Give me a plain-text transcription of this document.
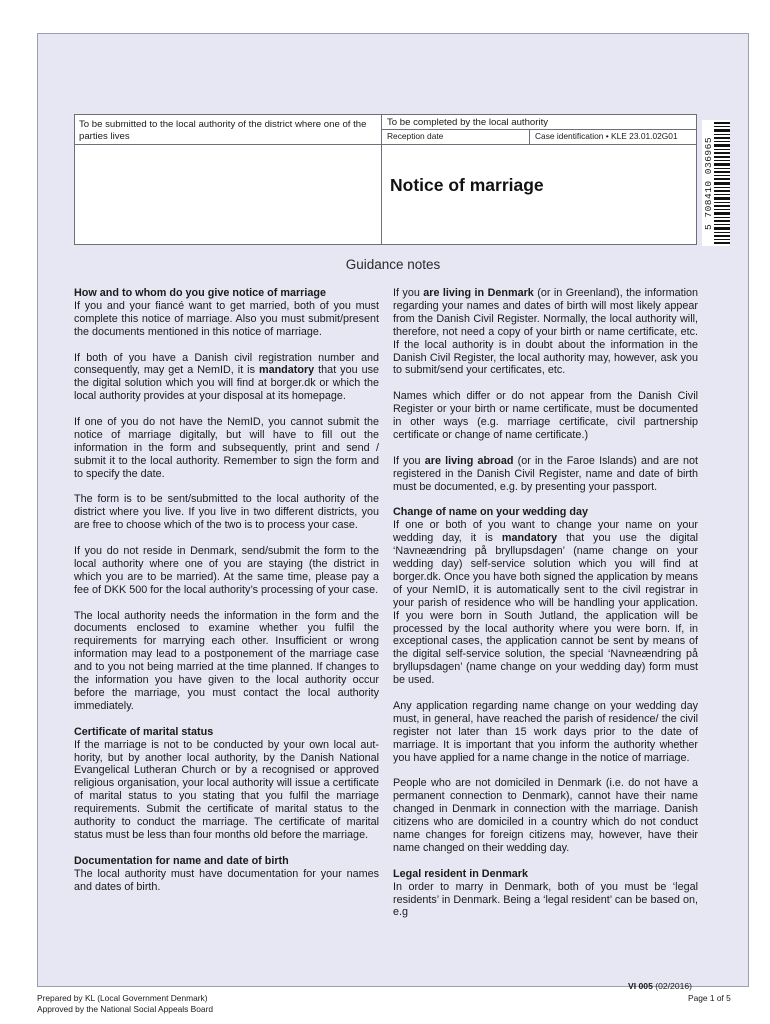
To be submitted to the local authority of the district where one of the parties lives
To be completed by the local authority
Reception date	Case identification • KLE 23.01.02G01
Notice of marriage	5 708410 036965
Guidance notes
How and to whom do you give notice of marriage

If you and your fiancé want to get married, both of you must complete this notice of marriage. Also you must submit/present the documents mentioned in this notice of marriage.

If both of you have a Danish civil registration number and consequently, may get a NemID, it is mandatory that you use the digital solution which you will find at borger.dk or which the local authority provides at your disposal at its homepage.

If one of you do not have the NemID, you cannot submit the notice of marriage digitally, but will have to fill out the information in the form and subsequently, print and send / submit it to the local authority. Remember to sign the form and to specify the date.

The form is to be sent/submitted to the local authority of the district where you live. If you live in two different districts, you are free to choose which of the two is to process your case.

If you do not reside in Denmark, send/submit the form to the local authority where one of you are staying (the district in which you are to be married). At the same time, please pay a fee of DKK 500 for the local authority’s processing of your case.

The local authority needs the information in the form and the documents enclosed to examine whether you fulfil the requirements for marrying each other. Insufficient or wrong information may lead to a postponement of the marriage case and to you not being married at the time planned. If changes to the information you have given to the local authority occur before the marriage, you must contact the local authority immediately.

Certificate of marital status

If the marriage is not to be conducted by your own local authority, but by another local authority, by the Danish National Evangelical Lutheran Church or by a recognised or approved religious organisation, your local authority will issue a certificate of marital status to you stating that you fulfil the marriage requirements. Submit the certificate of marital status to the authority to conduct the marriage. The certificate of marital status must be less than four months old before the marriage.

Documentation for name and date of birth

The local authority must have documentation for your names and dates of birth.

If you are living in Denmark (or in Greenland), the information regarding your names and dates of birth will most likely appear from the Danish Civil Register. Normally, the local authority will, therefore, not need a copy of your birth or name certificate, etc. If the local authority is in doubt about the information in the Danish Civil Register, the local authority may, however, ask you to submit/send your certificates, etc.

Names which differ or do not appear from the Danish Civil Register or your birth or name certificate, must be documented in other ways (e.g. marriage certificate, civil partnership certificate or change of name certificate.)

If you are living abroad (or in the Faroe Islands) and are not registered in the Danish Civil Register, name and date of birth must be documented, e.g. by presenting your passport.

Change of name on your wedding day

If one or both of you want to change your name on your wedding day, it is mandatory that you use the digital ‘Navneændring på bryllupsdagen’ (name change on your wedding day) self-service solution which you will find at borger.dk. Once you have both signed the application by means of your NemID, it is automatically sent to the civil registrar in your parish of residence who will be handling your application. If you were born in South Jutland, the application will be processed by the local authority where you were born. If, in exceptional cases, the application cannot be sent by means of the digital self-service solution, the special ‘Navneændring på bryllupsdagen’ (name change on your wedding day) form must be used.

Any application regarding name change on your wedding day must, in general, have reached the parish of residence/ the civil register not later than 15 work days prior to the date of marriage. It is important that you inform the authority whether you have applied for a name change in the notice of marriage.

People who are not domiciled in Denmark (i.e. do not have a permanent connection to Denmark), cannot have their name changed in Denmark in connection with the marriage. Danish citizens who are domiciled in a country which do not conduct name changes for foreign citizens may, however, have their name changed on their wedding day.

Legal resident in Denmark

In order to marry in Denmark, both of you must be ‘legal residents’ in Denmark. Being a ‘legal resident’ can be based on, e.g

VI 005 (02/2016)
Prepared by KL (Local Government Denmark)
Approved by the National Social Appeals Board
Page 1 of 5
